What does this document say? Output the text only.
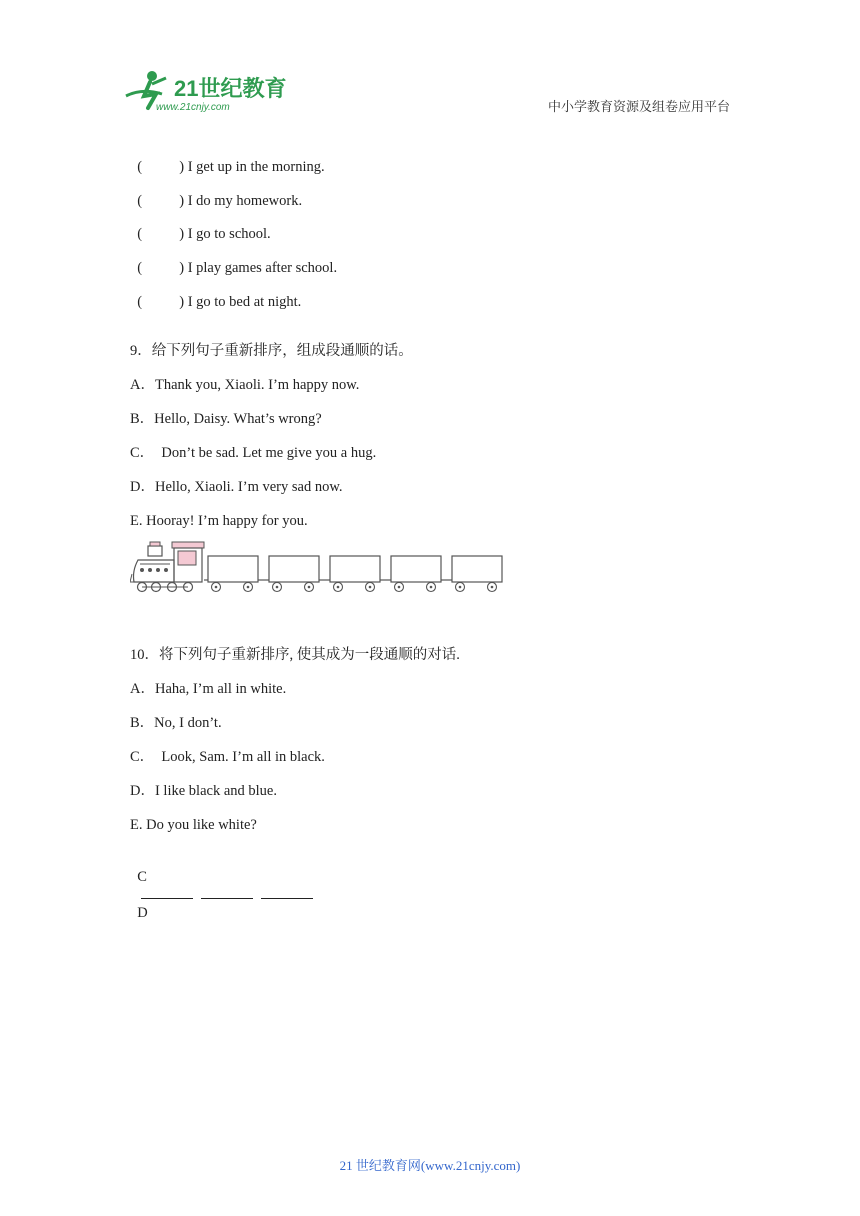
21世纪教育
www.21cnjy.com	中小学教育资源及组卷应用平台

(	) I get up in the morning.

(	) I do my homework.

(	) I go to school.

(	) I play games after school.

(	) I go to bed at night.

9．给下列句子重新排序，组成段通顺的话。
A．Thank you, Xiaoli. I’m happy now.
B．Hello, Daisy. What’s wrong?
C．  Don’t be sad. Let me give you a hug.
D．Hello, Xiaoli. I’m very sad now.
E. Hooray! I’m happy for you.
10．将下列句子重新排序, 使其成为一段通顺的对话.
A．Haha, I’m all in white.
B．No, I don’t.
C．  Look, Sam. I’m all in black.
D．I like black and blue.
E. Do you like white?

C

D

21 世纪教育网(www.21cnjy.com)
